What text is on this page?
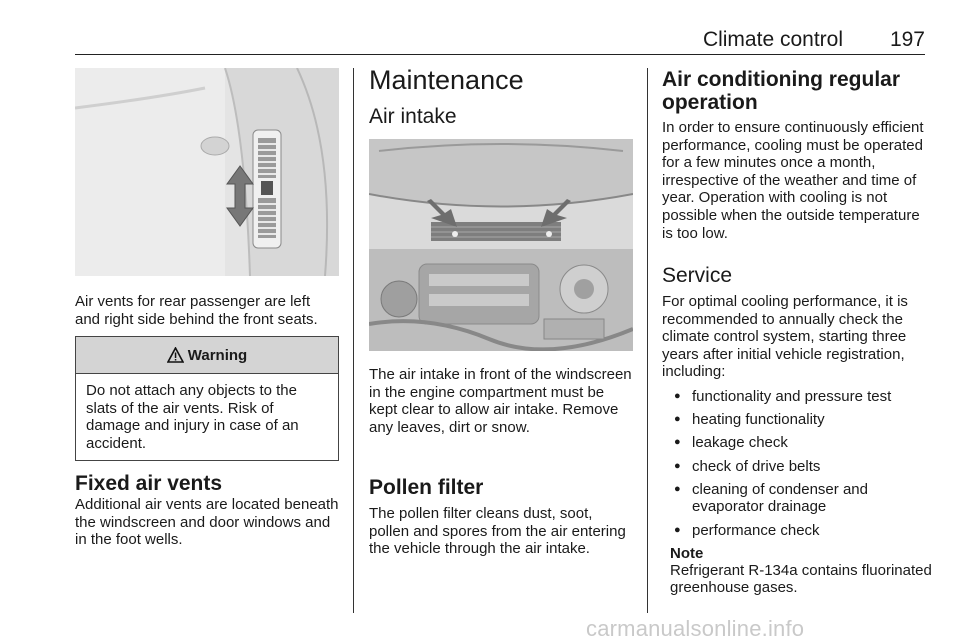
Climate control 197

Air vents for rear passenger are left and right side behind the front seats.

Warning
Do not attach any objects to the slats of the air vents. Risk of damage and injury in case of an accident.
Fixed air vents

Additional air vents are located beneath the windscreen and door windows and in the foot wells.

Maintenance
Air intake

The air intake in front of the windscreen in the engine compartment must be kept clear to allow air intake. Remove any leaves, dirt or snow.

Pollen filter

The pollen filter cleans dust, soot, pollen and spores from the air entering the vehicle through the air intake.

Air conditioning regular operation

In order to ensure continuously efficient performance, cooling must be operated for a few minutes once a month, irrespective of the weather and time of year. Operation with cooling is not possible when the outside temperature is too low.

Service

For optimal cooling performance, it is recommended to annually check the climate control system, starting three years after initial vehicle registration, including:

● functionality and pressure test
● heating functionality
● leakage check
● check of drive belts
● cleaning of condenser and evaporator drainage
● performance check
Note

Refrigerant R-134a contains fluorinated greenhouse gases.

carmanualsonline.info
